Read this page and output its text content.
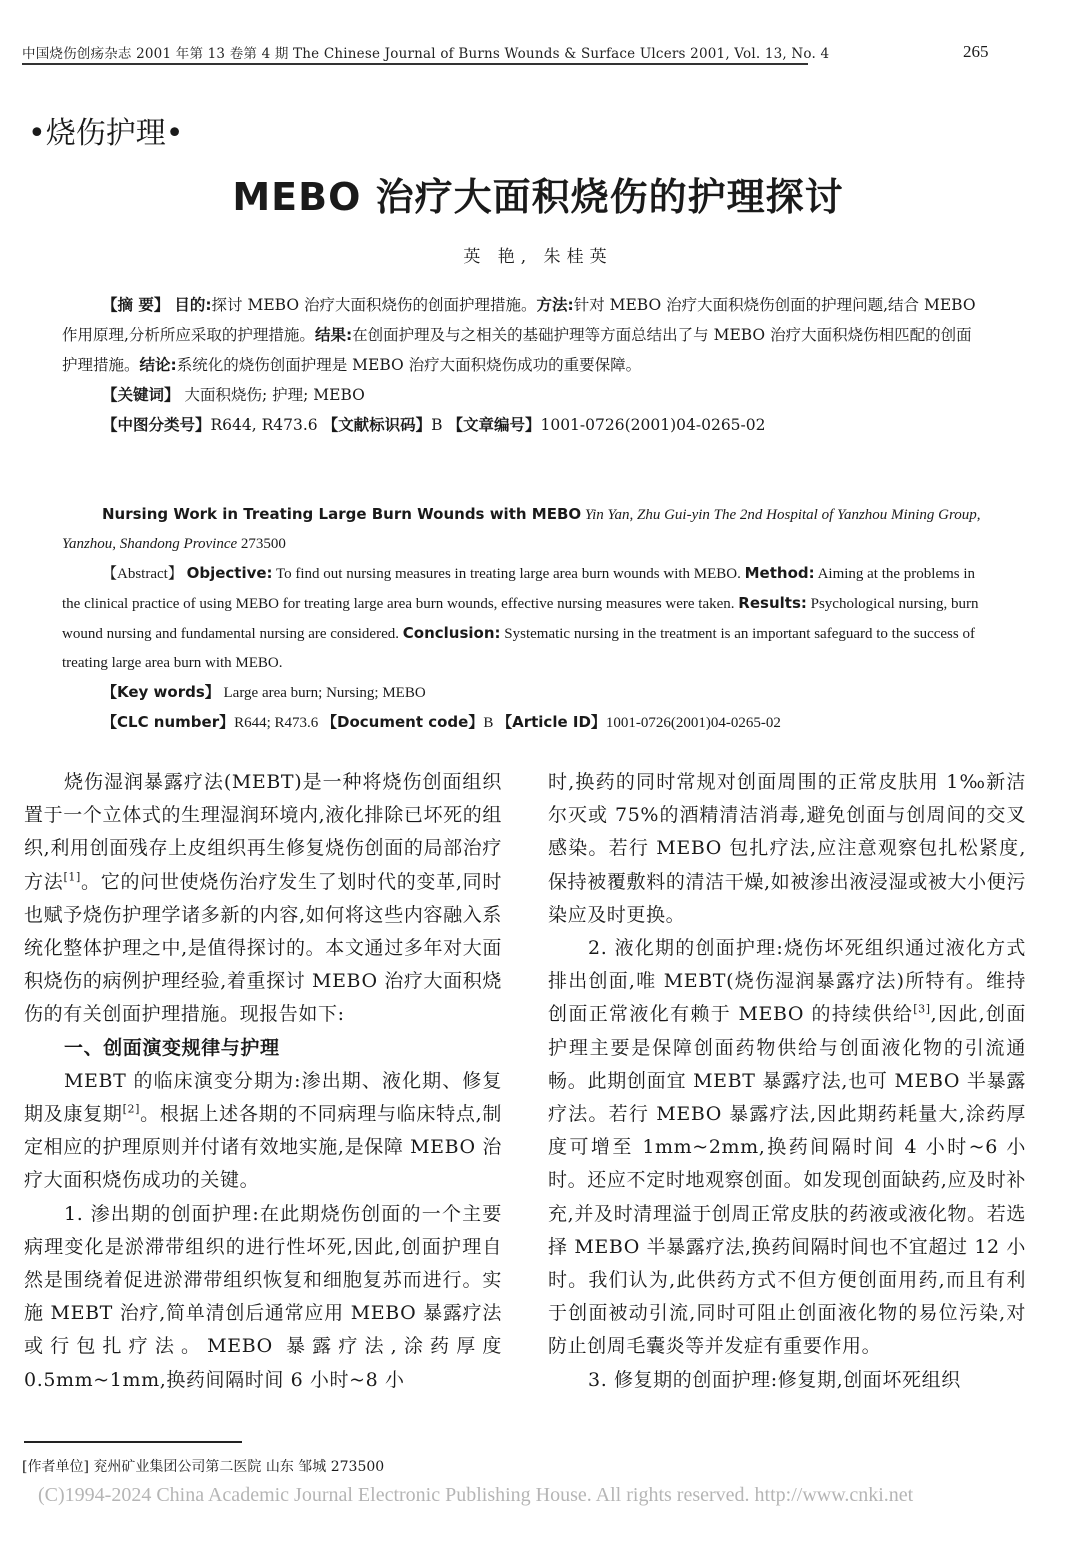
中国烧伤创疡杂志 2001 年第 13 卷第 4 期 The Chinese Journal of Burns Wounds & Surface Ulcers 2001, Vol. 13, No. 4	265
•烧伤护理•
MEBO 治疗大面积烧伤的护理探讨
英 艳, 朱桂英

【摘 要】 目的:探讨 MEBO 治疗大面积烧伤的创面护理措施。方法:针对 MEBO 治疗大面积烧伤创面的护理问题,结合 MEBO 作用原理,分析所应采取的护理措施。结果:在创面护理及与之相关的基础护理等方面总结出了与 MEBO 治疗大面积烧伤相匹配的创面护理措施。结论:系统化的烧伤创面护理是 MEBO 治疗大面积烧伤成功的重要保障。

【关键词】 大面积烧伤; 护理; MEBO

【中图分类号】R644, R473.6 【文献标识码】B 【文章编号】1001-0726(2001)04-0265-02

Nursing Work in Treating Large Burn Wounds with MEBO Yin Yan, Zhu Gui-yin The 2nd Hospital of Yanzhou Mining Group, Yanzhou, Shandong Province 273500

【Abstract】 Objective: To find out nursing measures in treating large area burn wounds with MEBO. Method: Aiming at the problems in the clinical practice of using MEBO for treating large area burn wounds, effective nursing measures were taken. Results: Psychological nursing, burn wound nursing and fundamental nursing are considered. Conclusion: Systematic nursing in the treatment is an important safeguard to the success of treating large area burn with MEBO.

【Key words】 Large area burn; Nursing; MEBO

【CLC number】R644; R473.6 【Document code】B 【Article ID】1001-0726(2001)04-0265-02

烧伤湿润暴露疗法(MEBT)是一种将烧伤创面组织置于一个立体式的生理湿润环境内,液化排除已坏死的组织,利用创面残存上皮组织再生修复烧伤创面的局部治疗方法[1]。它的问世使烧伤治疗发生了划时代的变革,同时也赋予烧伤护理学诸多新的内容,如何将这些内容融入系统化整体护理之中,是值得探讨的。本文通过多年对大面积烧伤的病例护理经验,着重探讨 MEBO 治疗大面积烧伤的有关创面护理措施。现报告如下:

一、创面演变规律与护理

MEBT 的临床演变分期为:渗出期、液化期、修复期及康复期[2]。根据上述各期的不同病理与临床特点,制定相应的护理原则并付诸有效地实施,是保障 MEBO 治疗大面积烧伤成功的关键。

1. 渗出期的创面护理:在此期烧伤创面的一个主要病理变化是淤滞带组织的进行性坏死,因此,创面护理自然是围绕着促进淤滞带组织恢复和细胞复苏而进行。实施 MEBT 治疗,简单清创后通常应用 MEBO 暴露疗法或行包扎疗法。MEBO 暴露疗法,涂药厚度 0.5mm~1mm,换药间隔时间 6 小时~8 小

时,换药的同时常规对创面周围的正常皮肤用 1‰新洁尔灭或 75%的酒精清洁消毒,避免创面与创周间的交叉感染。若行 MEBO 包扎疗法,应注意观察包扎松紧度,保持被覆敷料的清洁干燥,如被渗出液浸湿或被大小便污染应及时更换。

2. 液化期的创面护理:烧伤坏死组织通过液化方式排出创面,唯 MEBT(烧伤湿润暴露疗法)所特有。维持创面正常液化有赖于 MEBO 的持续供给[3],因此,创面护理主要是保障创面药物供给与创面液化物的引流通畅。此期创面宜 MEBT 暴露疗法,也可 MEBO 半暴露疗法。若行 MEBO 暴露疗法,因此期药耗量大,涂药厚度可增至 1mm~2mm,换药间隔时间 4 小时~6 小时。还应不定时地观察创面。如发现创面缺药,应及时补充,并及时清理溢于创周正常皮肤的药液或液化物。若选择 MEBO 半暴露疗法,换药间隔时间也不宜超过 12 小时。我们认为,此供药方式不但方便创面用药,而且有利于创面被动引流,同时可阻止创面液化物的易位污染,对防止创周毛囊炎等并发症有重要作用。

3. 修复期的创面护理:修复期,创面坏死组织

[作者单位] 兖州矿业集团公司第二医院 山东 邹城 273500
(C)1994-2024 China Academic Journal Electronic Publishing House. All rights reserved. http://www.cnki.net
